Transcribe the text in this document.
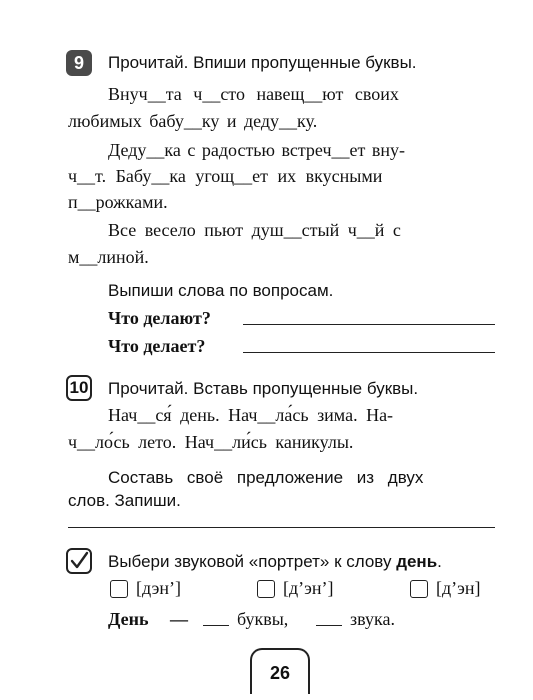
9	Прочитай. Впиши пропущенные буквы.
Внуч__та ч__сто навещ__ют своих
любимых бабу__ку и деду__ку.
Деду__ка с радостью встреч__ет вну-
ч__т. Бабу__ка угощ__ет их вкусными
п__рожками.
Все весело пьют душ__стый ч__й с
м__линой.
Выпиши слова по вопросам.
Что делают?
Что делает?
10 Прочитай. Вставь пропущенные буквы.
Нач__ся́ день. Нач__ла́сь зима. На-
ч__ло́сь лето. Нач__ли́сь каникулы.
Составь своё предложение из двух
слов. Запиши.
Выбери звуковой «портрет» к слову день.
[дэн’]	[д’эн’]	[д’эн]
День —	буквы,	звука.
26
